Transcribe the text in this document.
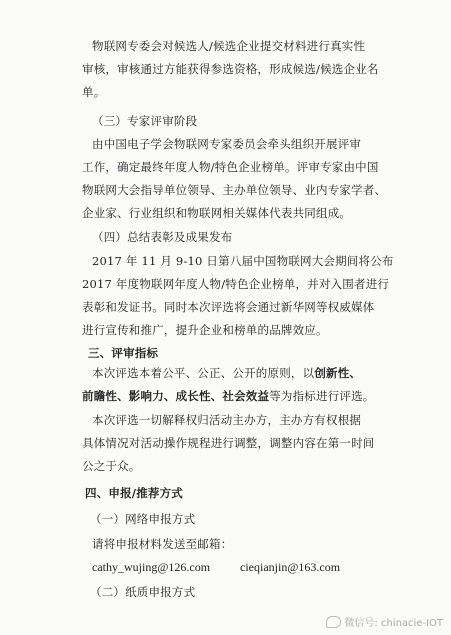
物联网专委会对候选人/候选企业提交材料进行真实性
审核，审核通过方能获得参选资格，形成候选/候选企业名
单。
（三）专家评审阶段
由中国电子学会物联网专家委员会牵头组织开展评审
工作，确定最终年度人物/特色企业榜单。评审专家由中国
物联网大会指导单位领导、主办单位领导、业内专家学者、
企业家、行业组织和物联网相关媒体代表共同组成。
（四）总结表彰及成果发布
2017 年 11 月 9-10 日第八届中国物联网大会期间将公布
2017 年度物联网年度人物/特色企业榜单，并对入围者进行
表彰和发证书。同时本次评选将会通过新华网等权威媒体
进行宣传和推广，提升企业和榜单的品牌效应。
三、评审指标
本次评选本着公平、公正、公开的原则，以创新性、
前瞻性、影响力、成长性、社会效益等为指标进行评选。
本次评选一切解释权归活动主办方，主办方有权根据
具体情况对活动操作规程进行调整，调整内容在第一时间
公之于众。
四、申报/推荐方式
（一）网络申报方式
请将申报材料发送至邮箱：
cathy_wujing@126.com cieqianjin@163.com
（二）纸质申报方式
微信号: chinacie-IOT
